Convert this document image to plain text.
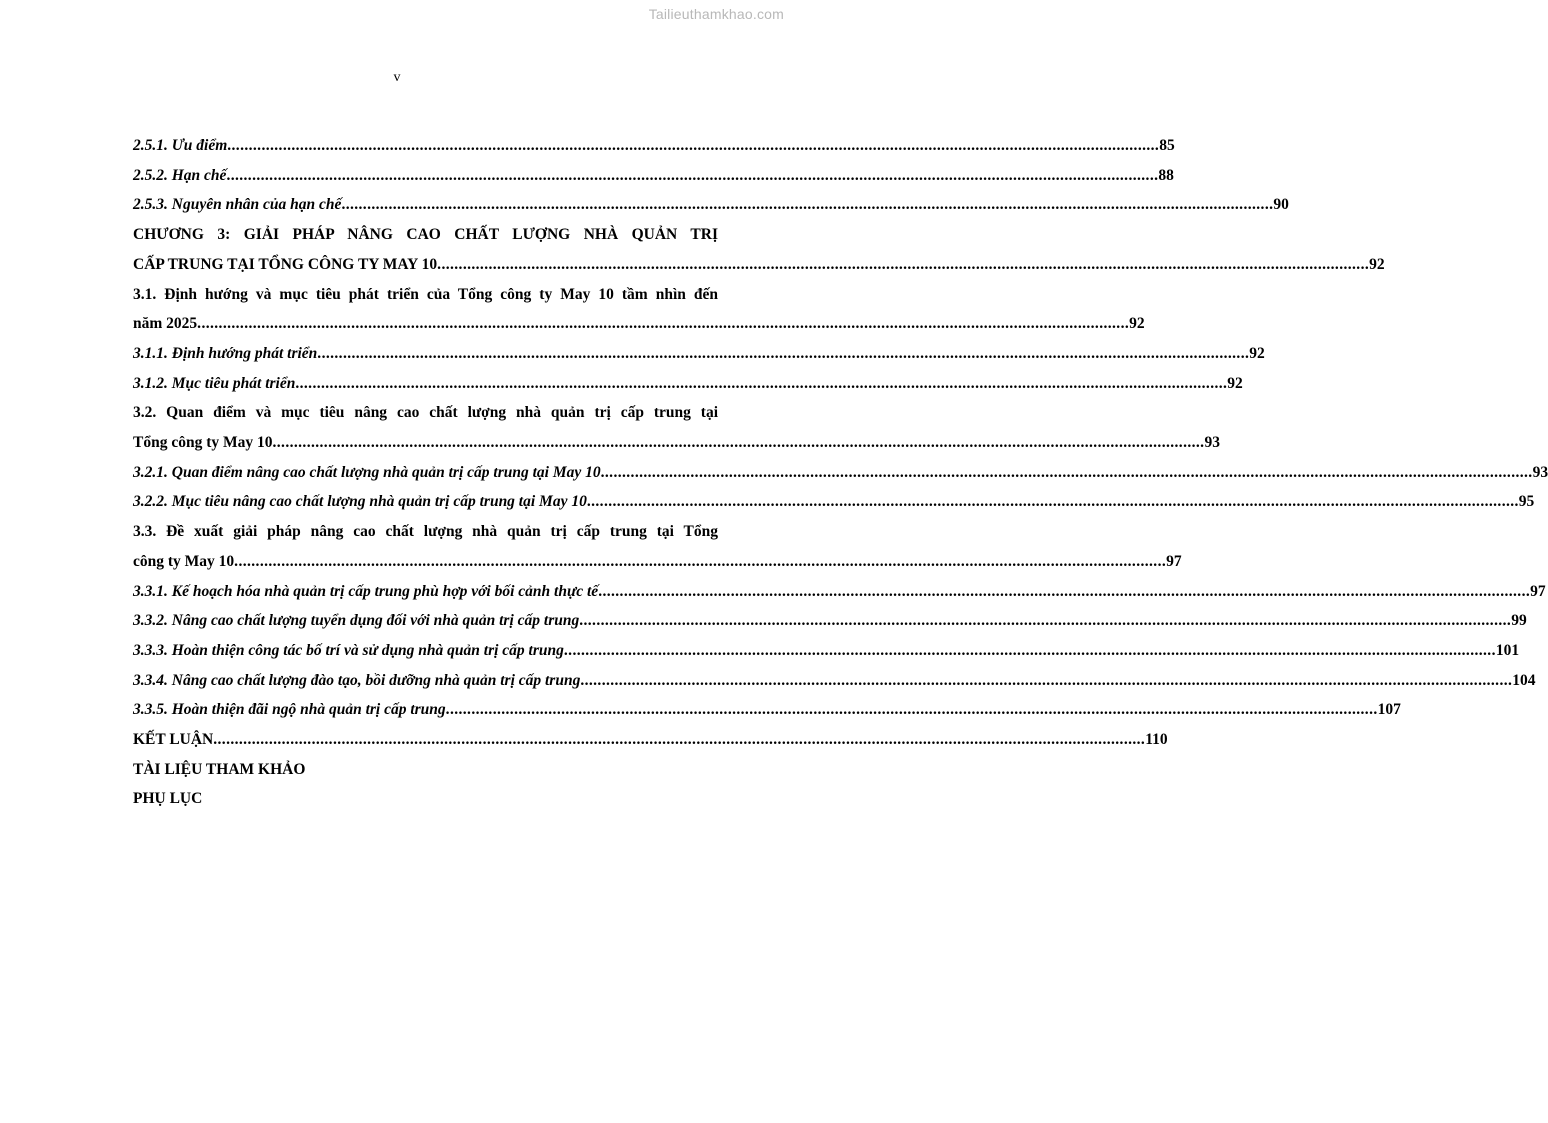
Tailieuthamkhao.com
v
2.5.1. Ưu điểm .......................................................................................................................................................................................................................... 85
2.5.2. Hạn chế .......................................................................................................................................................................................................................... 88
2.5.3. Nguyên nhân của hạn chế .......................................................................................................................................................................................................................... 90
CHƯƠNG 3: GIẢI PHÁP NÂNG CAO CHẤT LƯỢNG NHÀ QUẢN TRỊ
CẤP TRUNG TẠI TỔNG CÔNG TY MAY 10 .......................................................................................................................................................................................................................... 92
3.1. Định hướng và mục tiêu phát triển của Tổng công ty May 10 tầm nhìn đến
năm 2025 .......................................................................................................................................................................................................................... 92
3.1.1. Định hướng phát triển .......................................................................................................................................................................................................................... 92
3.1.2. Mục tiêu phát triển .......................................................................................................................................................................................................................... 92
3.2. Quan điểm và mục tiêu nâng cao chất lượng nhà quản trị cấp trung tại
Tổng công ty May 10 .......................................................................................................................................................................................................................... 93
3.2.1. Quan điểm nâng cao chất lượng nhà quản trị cấp trung tại May 10 .......................................................................................................................................................................................................................... 93
3.2.2. Mục tiêu nâng cao chất lượng nhà quản trị cấp trung tại May 10 .......................................................................................................................................................................................................................... 95
3.3. Đề xuất giải pháp nâng cao chất lượng nhà quản trị cấp trung tại Tổng
công ty May 10 .......................................................................................................................................................................................................................... 97
3.3.1. Kế hoạch hóa nhà quản trị cấp trung phù hợp với bối cảnh thực tế .......................................................................................................................................................................................................................... 97
3.3.2. Nâng cao chất lượng tuyển dụng đối với nhà quản trị cấp trung .......................................................................................................................................................................................................................... 99
3.3.3. Hoàn thiện công tác bố trí và sử dụng nhà quản trị cấp trung .......................................................................................................................................................................................................................... 101
3.3.4. Nâng cao chất lượng đào tạo, bồi dưỡng nhà quản trị cấp trung .......................................................................................................................................................................................................................... 104
3.3.5. Hoàn thiện đãi ngộ nhà quản trị cấp trung .......................................................................................................................................................................................................................... 107
KẾT LUẬN .......................................................................................................................................................................................................................... 110
TÀI LIỆU THAM KHẢO
PHỤ LỤC
